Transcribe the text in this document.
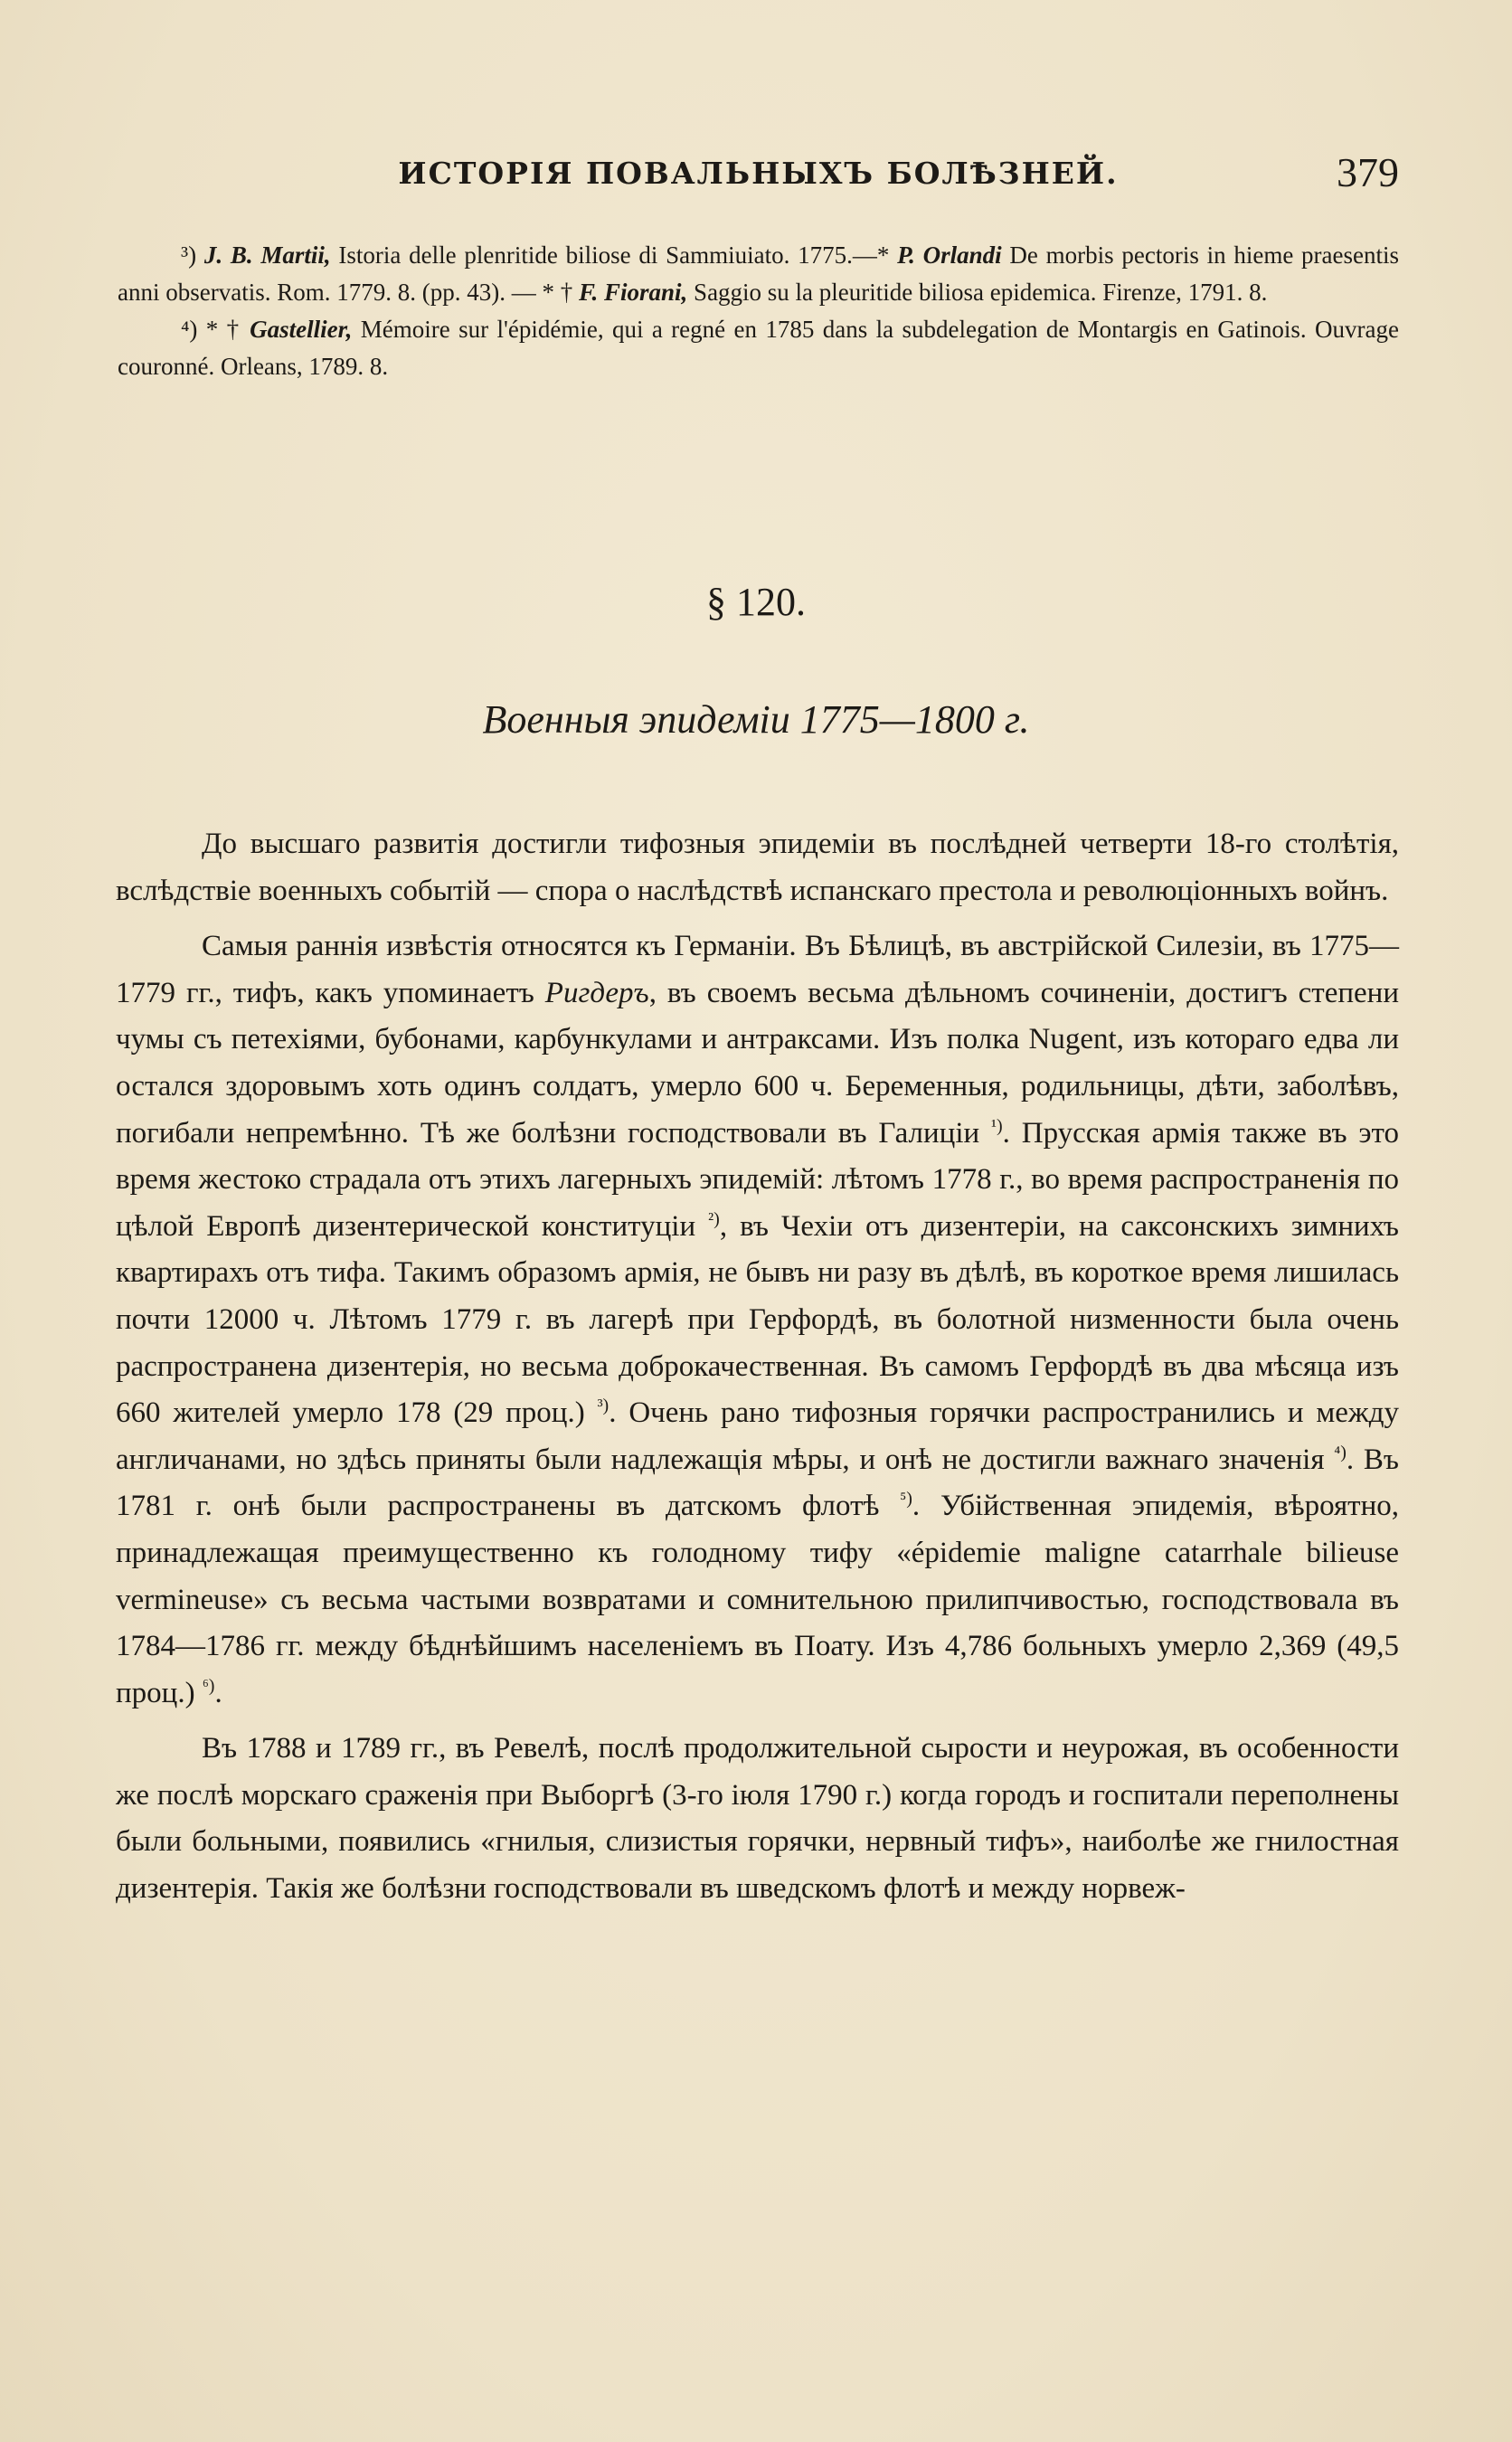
ИСТОРІЯ ПОВАЛЬНЫХЪ БОЛѢЗНЕЙ.	379

³) J. B. Martii, Istoria delle plenritide biliose di Sammiuiato. 1775.—* P. Orlandi De morbis pectoris in hieme praesentis anni observatis. Rom. 1779. 8. (pp. 43). — * † F. Fiorani, Saggio su la pleuritide biliosa epidemica. Firenze, 1791. 8.

⁴) * † Gastellier, Mémoire sur l'épidémie, qui a regné en 1785 dans la subdelegation de Montargis en Gatinois. Ouvrage couronné. Orleans, 1789. 8.

§ 120.
Военныя эпидеміи 1775—1800 г.

До высшаго развитія достигли тифозныя эпидеміи въ послѣдней четверти 18-го столѣтія, вслѣдствіе военныхъ событій — спора о наслѣдствѣ испанскаго престола и революціонныхъ войнъ.

Самыя раннія извѣстія относятся къ Германіи. Въ Бѣлицѣ, въ австрійской Силезіи, въ 1775—1779 гг., тифъ, какъ упоминаетъ Ригдеръ, въ своемъ весьма дѣльномъ сочиненіи, достигъ степени чумы съ петехіями, бубонами, карбункулами и антраксами. Изъ полка Nugent, изъ котораго едва ли остался здоровымъ хоть одинъ солдатъ, умерло 600 ч. Беременныя, родильницы, дѣти, заболѣвъ, погибали непремѣнно. Тѣ же болѣзни господствовали въ Галиціи $^{^1)}$. Прусская армія также въ это время жестоко страдала отъ этихъ лагерныхъ эпидемій: лѣтомъ 1778 г., во время распространенія по цѣлой Европѣ дизентерической конституціи $^{^2)}$, въ Чехіи отъ дизентеріи, на саксонскихъ зимнихъ квартирахъ отъ тифа. Такимъ образомъ армія, не бывъ ни разу въ дѣлѣ, въ короткое время лишилась почти 12000 ч. Лѣтомъ 1779 г. въ лагерѣ при Герфордѣ, въ болотной низменности была очень распространена дизентерія, но весьма доброкачественная. Въ самомъ Герфордѣ въ два мѣсяца изъ 660 жителей умерло 178 (29 проц.) $^{^3)}$. Очень рано тифозныя горячки распространились и между англичанами, но здѣсь приняты были надлежащія мѣры, и онѣ не достигли важнаго значенія $^{^4)}$. Въ 1781 г. онѣ были распространены въ датскомъ флотѣ $^{^5)}$. Убійственная эпидемія, вѣроятно, принадлежащая преимущественно къ голодному тифу «épidemie maligne catarrhale bilieuse vermineuse» съ весьма частыми возвратами и сомнительною прилипчивостью, господствовала въ 1784—1786 гг. между бѣднѣйшимъ населеніемъ въ Поату. Изъ 4,786 больныхъ умерло 2,369 (49,5 проц.) $^{^6)}$.

Въ 1788 и 1789 гг., въ Ревелѣ, послѣ продолжительной сырости и неурожая, въ особенности же послѣ морскаго сраженія при Выборгѣ (3-го іюля 1790 г.) когда городъ и госпитали переполнены были больными, появились «гнилыя, слизистыя горячки, нервный тифъ», наиболѣе же гнилостная дизентерія. Такія же болѣзни господствовали въ шведскомъ флотѣ и между норвеж-
